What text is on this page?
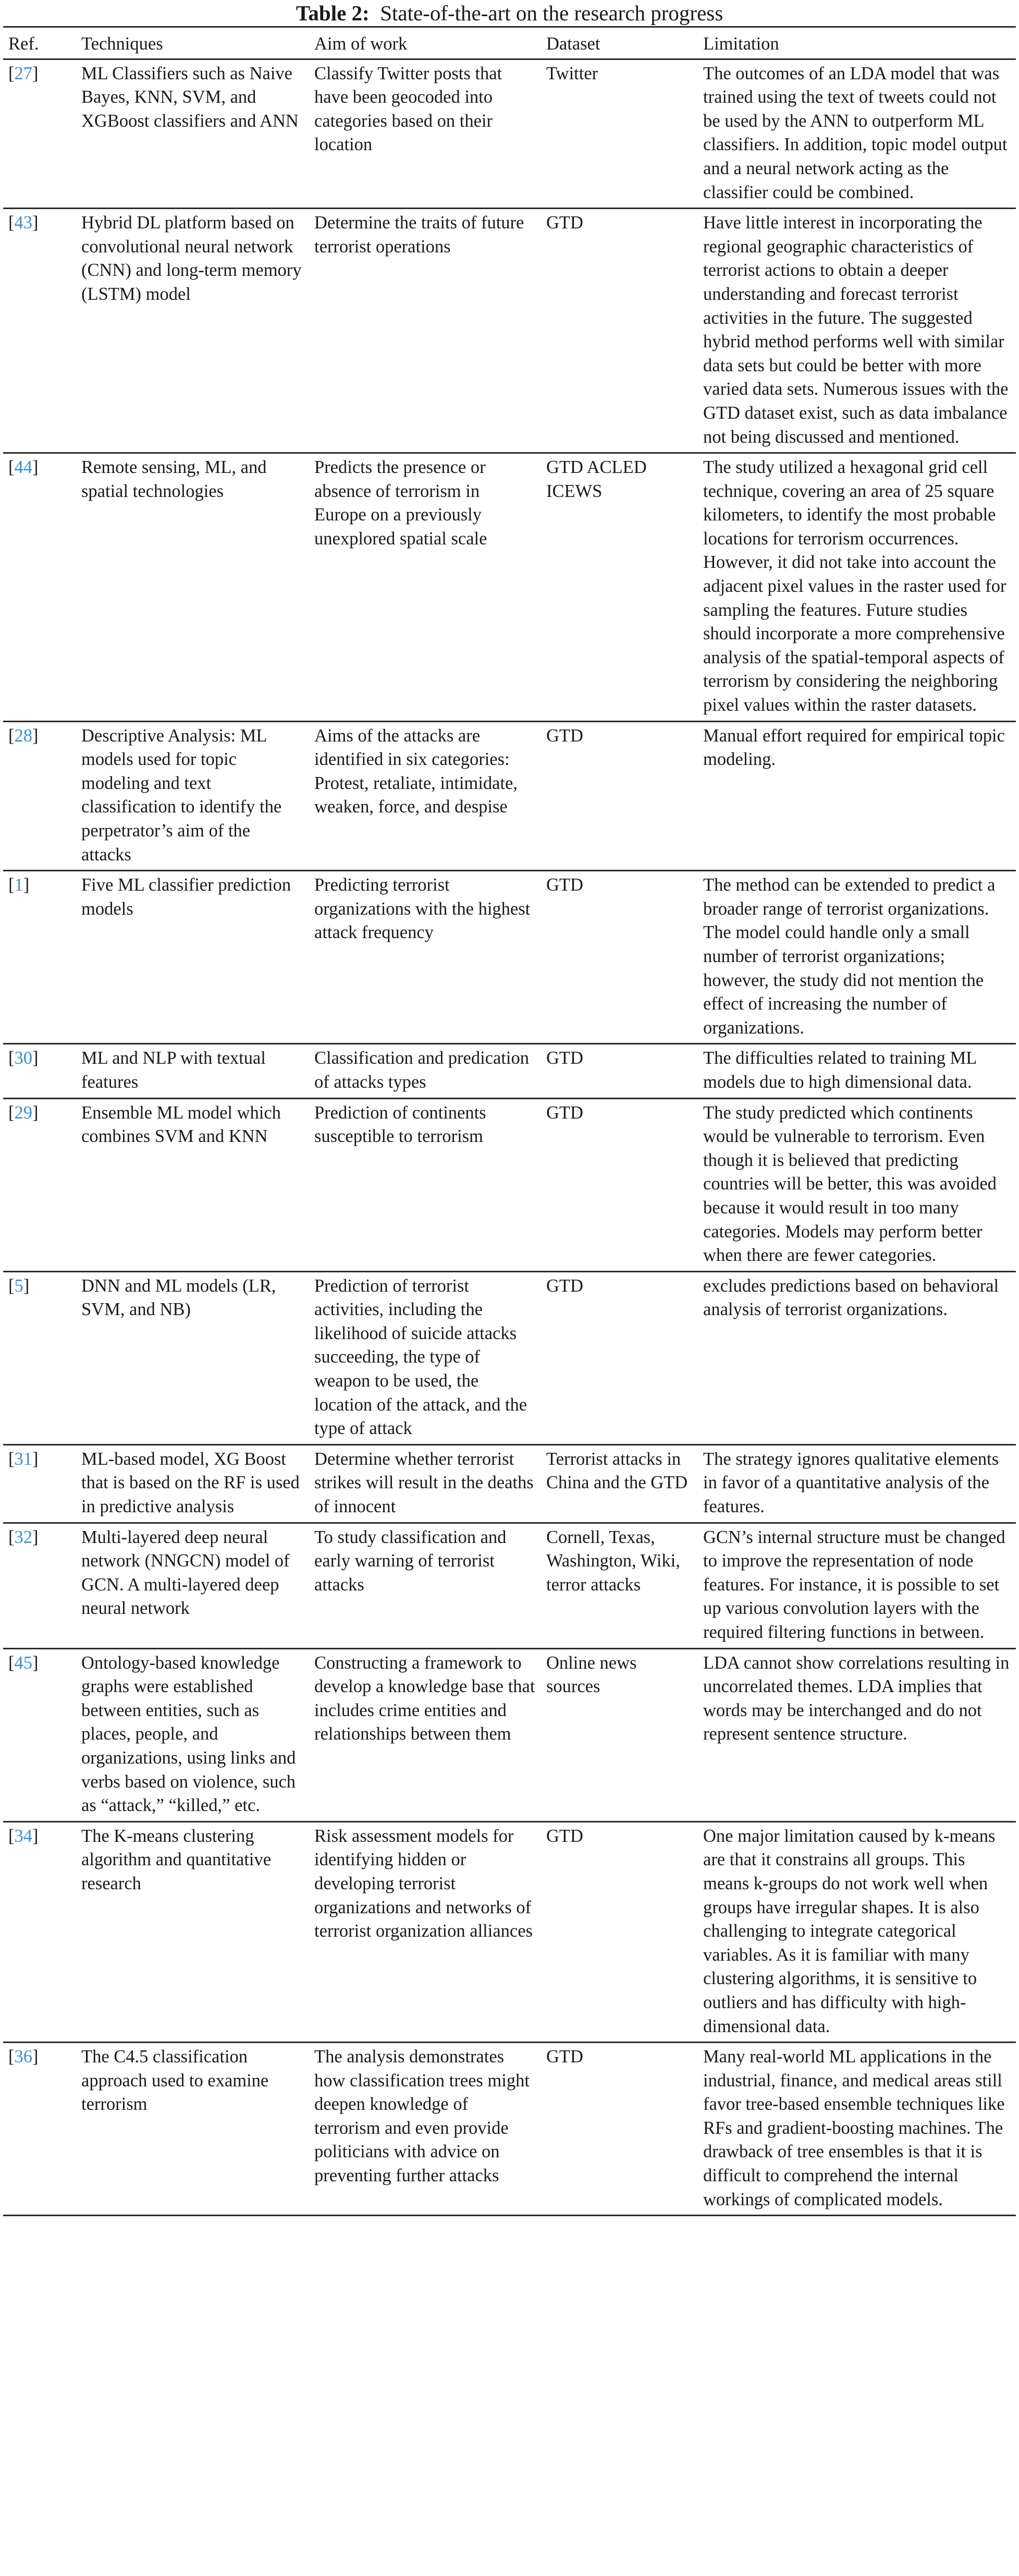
Table 2: State-of-the-art on the research progress
Ref.	Techniques	Aim of work	Dataset	Limitation
[27]	ML Classifiers such as Naive Bayes, KNN, SVM, and XGBoost classifiers and ANN	Classify Twitter posts that have been geocoded into categories based on their location	Twitter	The outcomes of an LDA model that was trained using the text of tweets could not be used by the ANN to outperform ML classifiers. In addition, topic model output and a neural network acting as the classifier could be combined.
[43]	Hybrid DL platform based on convolutional neural network (CNN) and long-term memory (LSTM) model	Determine the traits of future terrorist operations	GTD	Have little interest in incorporating the regional geographic characteristics of terrorist actions to obtain a deeper understanding and forecast terrorist activities in the future. The suggested hybrid method performs well with similar data sets but could be better with more varied data sets. Numerous issues with the GTD dataset exist, such as data imbalance not being discussed and mentioned.
[44]	Remote sensing, ML, and spatial technologies	Predicts the presence or absence of terrorism in Europe on a previously unexplored spatial scale	GTD ACLED ICEWS	The study utilized a hexagonal grid cell technique, covering an area of 25 square kilometers, to identify the most probable locations for terrorism occurrences. However, it did not take into account the adjacent pixel values in the raster used for sampling the features. Future studies should incorporate a more comprehensive analysis of the spatial-temporal aspects of terrorism by considering the neighboring pixel values within the raster datasets.
[28]	Descriptive Analysis: ML models used for topic modeling and text classification to identify the perpetrator’s aim of the attacks	Aims of the attacks are identified in six categories: Protest, retaliate, intimidate, weaken, force, and despise	GTD	Manual effort required for empirical topic modeling.
[1]	Five ML classifier prediction models	Predicting terrorist organizations with the highest attack frequency	GTD	The method can be extended to predict a broader range of terrorist organizations. The model could handle only a small number of terrorist organizations; however, the study did not mention the effect of increasing the number of organizations.
[30]	ML and NLP with textual features	Classification and predication of attacks types	GTD	The difficulties related to training ML models due to high dimensional data.
[29]	Ensemble ML model which combines SVM and KNN	Prediction of continents susceptible to terrorism	GTD	The study predicted which continents would be vulnerable to terrorism. Even though it is believed that predicting countries will be better, this was avoided because it would result in too many categories. Models may perform better when there are fewer categories.
[5]	DNN and ML models (LR, SVM, and NB)	Prediction of terrorist activities, including the likelihood of suicide attacks succeeding, the type of weapon to be used, the location of the attack, and the type of attack	GTD	excludes predictions based on behavioral analysis of terrorist organizations.
[31]	ML-based model, XG Boost that is based on the RF is used in predictive analysis	Determine whether terrorist strikes will result in the deaths of innocent	Terrorist attacks in China and the GTD	The strategy ignores qualitative elements in favor of a quantitative analysis of the features.
[32]	Multi-layered deep neural network (NNGCN) model of GCN. A multi-layered deep neural network	To study classification and early warning of terrorist attacks	Cornell, Texas, Washington, Wiki, terror attacks	GCN’s internal structure must be changed to improve the representation of node features. For instance, it is possible to set up various convolution layers with the required filtering functions in between.
[45]	Ontology-based knowledge graphs were established between entities, such as places, people, and organizations, using links and verbs based on violence, such as “attack,” “killed,” etc.	Constructing a framework to develop a knowledge base that includes crime entities and relationships between them	Online news sources	LDA cannot show correlations resulting in uncorrelated themes. LDA implies that words may be interchanged and do not represent sentence structure.
[34]	The K-means clustering algorithm and quantitative research	Risk assessment models for identifying hidden or developing terrorist organizations and networks of terrorist organization alliances	GTD	One major limitation caused by k-means are that it constrains all groups. This means k-groups do not work well when groups have irregular shapes. It is also challenging to integrate categorical variables. As it is familiar with many clustering algorithms, it is sensitive to outliers and has difficulty with high-dimensional data.
[36]	The C4.5 classification approach used to examine terrorism	The analysis demonstrates how classification trees might deepen knowledge of terrorism and even provide politicians with advice on preventing further attacks	GTD	Many real-world ML applications in the industrial, finance, and medical areas still favor tree-based ensemble techniques like RFs and gradient-boosting machines. The drawback of tree ensembles is that it is difficult to comprehend the internal workings of complicated models.
